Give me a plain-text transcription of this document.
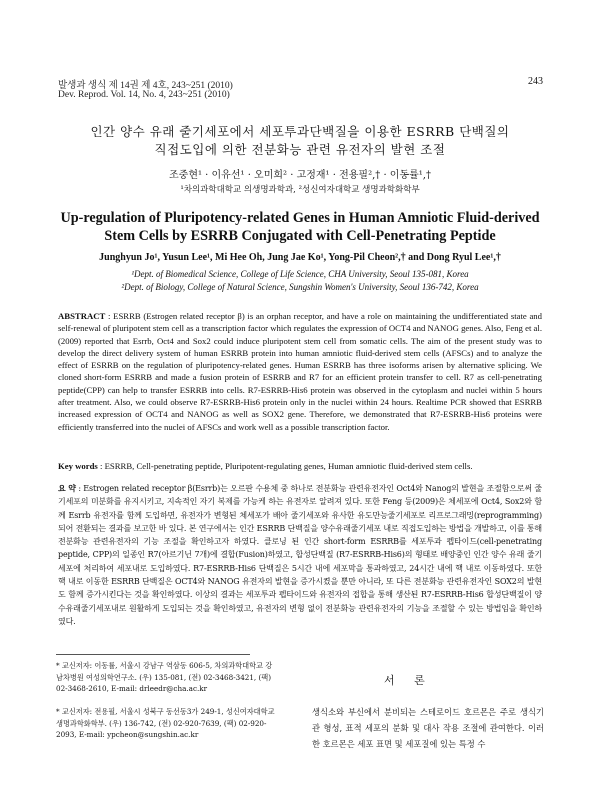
발생과 생식 제 14권 제 4호, 243~251 (2010)
Dev. Reprod. Vol. 14, No. 4, 243~251 (2010)
243
인간 양수 유래 줄기세포에서 세포투과단백질을 이용한 ESRRB 단백질의
직접도입에 의한 전분화능 관련 유전자의 발현 조절
조중현¹ · 이유선¹ · 오미희² · 고정재¹ · 전용필²,† · 이동률¹,†
¹차의과학대학교 의생명과학과, ²성신여자대학교 생명과학화학부
Up-regulation of Pluripotency-related Genes in Human Amniotic Fluid-derived
Stem Cells by ESRRB Conjugated with Cell-Penetrating Peptide
Junghyun Jo¹, Yusun Lee¹, Mi Hee Oh, Jung Jae Ko¹, Yong-Pil Cheon²,† and Dong Ryul Lee¹,†
¹Dept. of Biomedical Science, College of Life Science, CHA University, Seoul 135-081, Korea
²Dept. of Biology, College of Natural Science, Sungshin Women's University, Seoul 136-742, Korea
ABSTRACT : ESRRB (Estrogen related receptor β) is an orphan receptor, and have a role on maintaining the undifferentiated state and self-renewal of pluripotent stem cell as a transcription factor which regulates the expression of OCT4 and NANOG genes. Also, Feng et al. (2009) reported that Esrrb, Oct4 and Sox2 could induce pluripotent stem cell from somatic cells. The aim of the present study was to develop the direct delivery system of human ESRRB protein into human amniotic fluid-derived stem cells (AFSCs) and to analyze the effect of ESRRB on the regulation of pluripotency-related genes. Human ESRRB has three isoforms arisen by alternative splicing. We cloned short-form ESRRB and made a fusion protein of ESRRB and R7 for an efficient protein transfer to cell. R7 as cell-penetrating peptide(CPP) can help to transfer ESRRB into cells. R7-ESRRB-His6 protein was observed in the cytoplasm and nuclei within 5 hours after treatment. Also, we could observe R7-ESRRB-His6 protein only in the nuclei within 24 hours. Realtime PCR showed that ESRRB increased expression of OCT4 and NANOG as well as SOX2 gene. Therefore, we demonstrated that R7-ESRRB-His6 proteins were efficiently transferred into the nuclei of AFSCs and work well as a possible transcription factor.
Key words : ESRRB, Cell-penetrating peptide, Pluripotent-regulating genes, Human amniotic fluid-derived stem cells.
요 약 : Estrogen related receptor β(Esrrb)는 오르판 수용체 중 하나로 전분화능 관련유전자인 Oct4와 Nanog의 발현을 조절함으로써 줄기세포의 미분화를 유지시키고, 지속적인 자기 복제를 가능케 하는 유전자로 알려져 있다. 또한 Feng 등(2009)은 체세포에 Oct4, Sox2와 함께 Esrrb 유전자를 함께 도입하면, 유전자가 변형된 체세포가 배아 줄기세포와 유사한 유도만능줄기세포로 리프로그래밍(reprogramming)되어 전환되는 결과를 보고한 바 있다. 본 연구에서는 인간 ESRRB 단백질을 양수유래줄기세포 내로 직접도입하는 방법을 개발하고, 이를 통해 전분화능 관련유전자의 기능 조절을 확인하고자 하였다. 클로닝 된 인간 short-form ESRRB를 세포투과 펩타이드(cell-penetrating peptide, CPP)의 일종인 R7(아르기닌 7개)에 결합(Fusion)하였고, 합성단백질 (R7-ESRRB-His6)의 형태로 배양중인 인간 양수 유래 줄기세포에 처리하여 세포내로 도입하였다. R7-ESRRB-His6 단백질은 5시간 내에 세포막을 통과하였고, 24시간 내에 핵 내로 이동하였다. 또한 핵 내로 이동한 ESRRB 단백질은 OCT4와 NANOG 유전자의 발현을 증가시켰을 뿐만 아니라, 또 다른 전분화능 관련유전자인 SOX2의 발현도 함께 증가시킨다는 것을 확인하였다. 이상의 결과는 세포투과 펩타이드와 유전자의 접합을 통해 생산된 R7-ESRRB-His6 합성단백질이 양수유래줄기세포내로 원활하게 도입되는 것을 확인하였고, 유전자의 변형 없이 전분화능 관련유전자의 기능을 조절할 수 있는 방법임을 확인하였다.
* 교신저자: 이동률, 서울시 강남구 역삼동 606-5, 차의과학대학교 강남차병원 여성의학연구소. (우) 135-081, (전) 02-3468-3421, (팩) 02-3468-2610, E-mail: drleedr@cha.ac.kr
* 교신저자: 전용필, 서울시 성북구 동선동3가 249-1, 성신여자대학교 생명과학화학부. (우) 136-742, (전) 02-920-7639, (팩) 02-920-2093, E-mail: ypcheon@sungshin.ac.kr
서 론
생식소와 부신에서 분비되는 스테로이드 호르몬은 주로 생식기관 형성, 표적 세포의 분화 및 대사 작용 조절에 관여한다. 이러한 호르몬은 세포 표면 및 세포질에 있는 특정 수
